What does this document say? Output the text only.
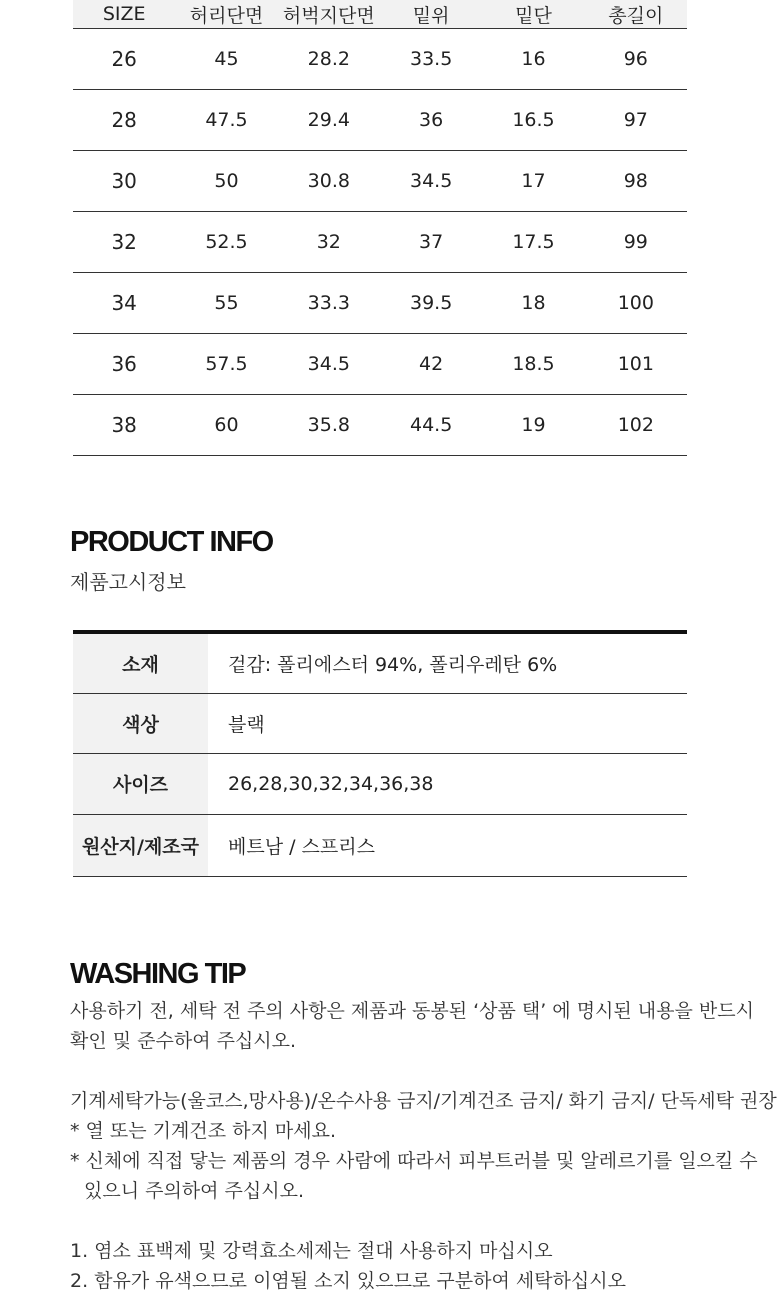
SIZE	허리단면	허벅지단면	밑위	밑단	총길이
26	45	28.2	33.5	16	96
28	47.5	29.4	36	16.5	97
30	50	30.8	34.5	17	98
32	52.5	32	37	17.5	99
34	55	33.3	39.5	18	100
36	57.5	34.5	42	18.5	101
38	60	35.8	44.5	19	102
PRODUCT INFO

제품고시정보

소재	겉감: 폴리에스터 94%, 폴리우레탄 6%
색상	블랙
사이즈	26,28,30,32,34,36,38
원산지/제조국	베트남 / 스프리스
WASHING TIP

사용하기 전, 세탁 전 주의 사항은 제품과 동봉된 ‘상품 택’ 에 명시된 내용을 반드시

확인 및 준수하여 주십시오.

기계세탁가능(울코스,망사용)/온수사용 금지/기계건조 금지/ 화기 금지/ 단독세탁 권장

* 열 또는 기계건조 하지 마세요.

* 신체에 직접 닿는 제품의 경우 사람에 따라서 피부트러블 및 알레르기를 일으킬 수

있으니 주의하여 주십시오.

1. 염소 표백제 및 강력효소세제는 절대 사용하지 마십시오

2. 함유가 유색으므로 이염될 소지 있으므로 구분하여 세탁하십시오
